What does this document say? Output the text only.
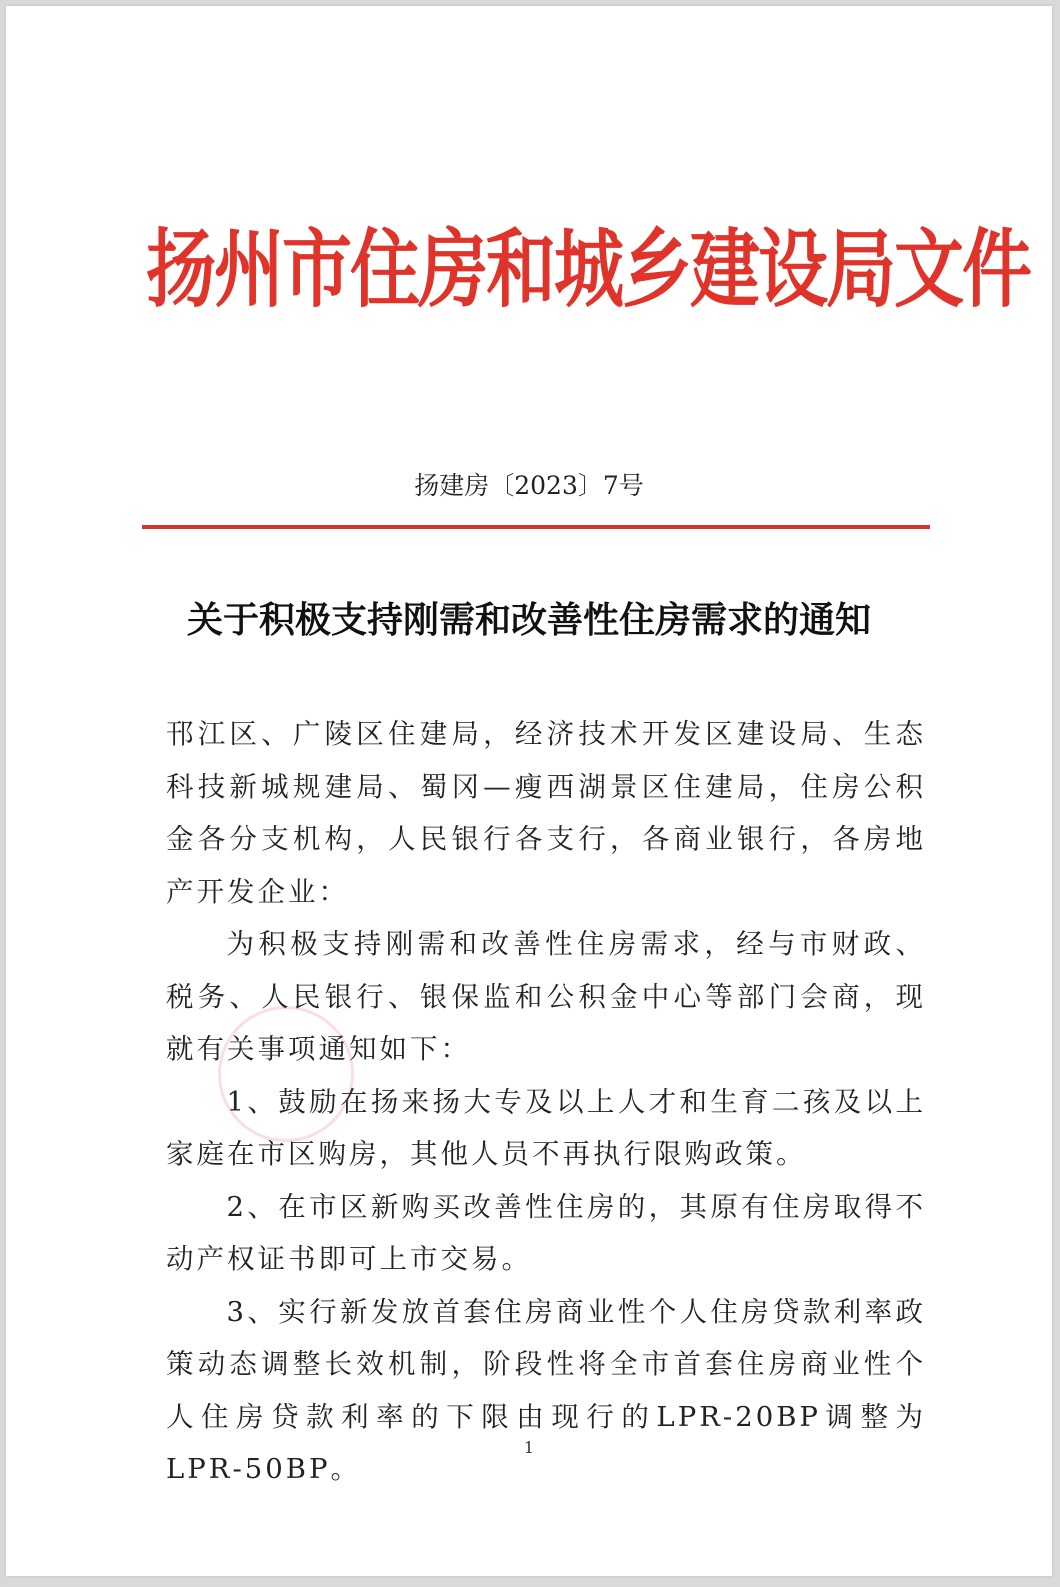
扬州市住房和城乡建设局文件
扬建房〔2023〕7号
关于积极支持刚需和改善性住房需求的通知

邗江区、广陵区住建局，经济技术开发区建设局、生态科技新城规建局、蜀冈—瘦西湖景区住建局，住房公积金各分支机构，人民银行各支行，各商业银行，各房地产开发企业：

为积极支持刚需和改善性住房需求，经与市财政、税务、人民银行、银保监和公积金中心等部门会商，现就有关事项通知如下：

1、鼓励在扬来扬大专及以上人才和生育二孩及以上家庭在市区购房，其他人员不再执行限购政策。

2、在市区新购买改善性住房的，其原有住房取得不动产权证书即可上市交易。

3、实行新发放首套住房商业性个人住房贷款利率政策动态调整长效机制，阶段性将全市首套住房商业性个人住房贷款利率的下限由现行的LPR-20BP调整为LPR-50BP。

1
